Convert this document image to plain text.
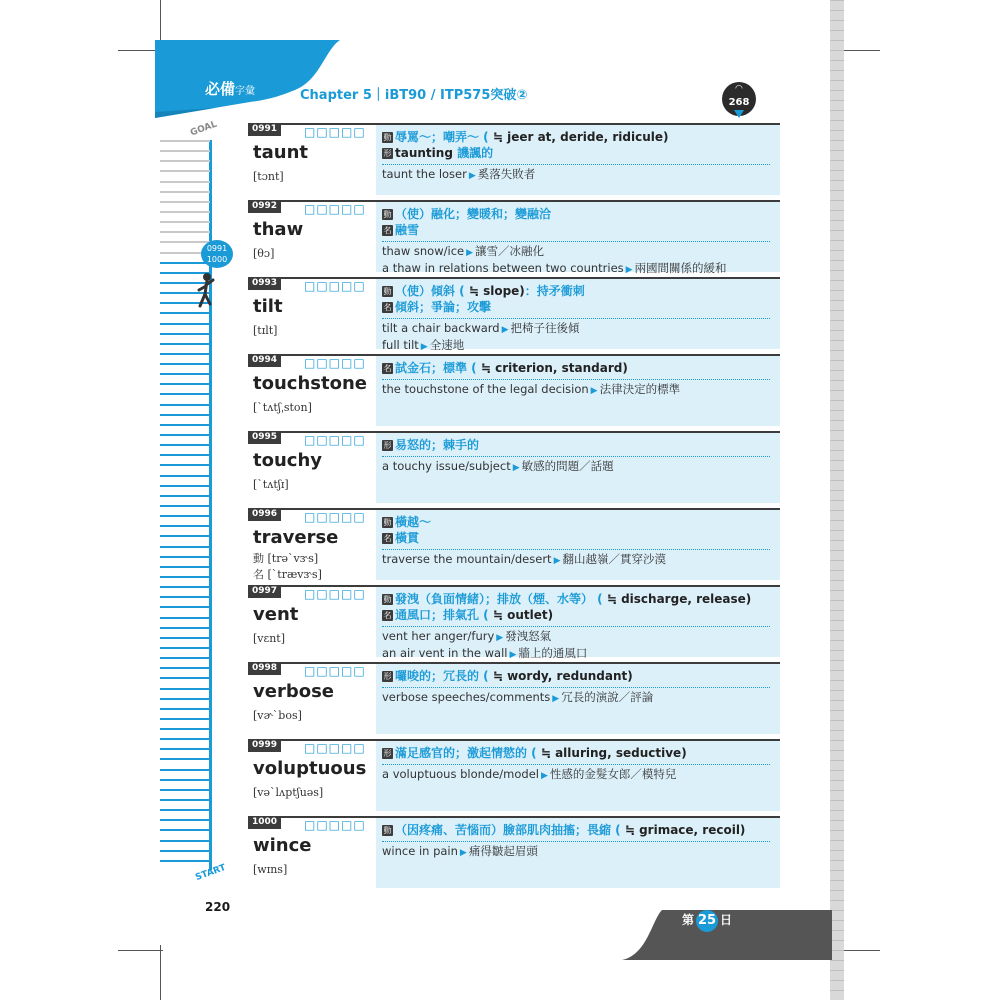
必備字彙	Chapter 5｜iBT90 / ITP575突破②	◠
268
GOAL
0991
1000
START
220
0991	□□□□□
taunt
[tɔnt]
動 辱罵～；嘲弄～ ( ≒ jeer at, deride, ridicule)
形 taunting 譏諷的
taunt the loser ▶ 奚落失敗者
0992	□□□□□
thaw
[θɔ]
動 （使）融化；變暖和；變融洽
名 融雪
thaw snow/ice ▶ 讓雪／冰融化
a thaw in relations between two countries ▶ 兩國間關係的緩和
0993	□□□□□
tilt
[tɪlt]
動 （使）傾斜 ( ≒ slope)：持矛衝刺
名 傾斜；爭論；攻擊
tilt a chair backward ▶ 把椅子往後傾
full tilt ▶ 全速地
0994	□□□□□
touchstone
[ˋtʌtʃˌston]
名 試金石；標準 ( ≒ criterion, standard)
the touchstone of the legal decision ▶ 法律決定的標準
0995	□□□□□
touchy
[ˋtʌtʃɪ]
形 易怒的；棘手的
a touchy issue/subject ▶ 敏感的問題／話題
0996	□□□□□
traverse
動 [trəˋvɝs]
名 [ˋtrævɝs]
動 橫越～
名 橫貫
traverse the mountain/desert ▶ 翻山越嶺／貫穿沙漠
0997	□□□□□
vent
[vɛnt]
動 發洩（負面情緒）；排放（煙、水等） ( ≒ discharge, release)
名 通風口；排氣孔 ( ≒ outlet)
vent her anger/fury ▶ 發洩怒氣
an air vent in the wall ▶ 牆上的通風口
0998	□□□□□
verbose
[vɚˋbos]
形 囉唆的；冗長的 ( ≒ wordy, redundant)
verbose speeches/comments ▶ 冗長的演說／評論
0999	□□□□□
voluptuous
[vəˋlʌptʃuəs]
形 滿足感官的；激起情慾的 ( ≒ alluring, seductive)
a voluptuous blonde/model ▶ 性感的金髮女郎／模特兒
1000	□□□□□
wince
[wɪns]
動 （因疼痛、苦惱而）臉部肌肉抽搐；畏縮 ( ≒ grimace, recoil)
wince in pain ▶ 痛得皺起眉頭
第 25 日
